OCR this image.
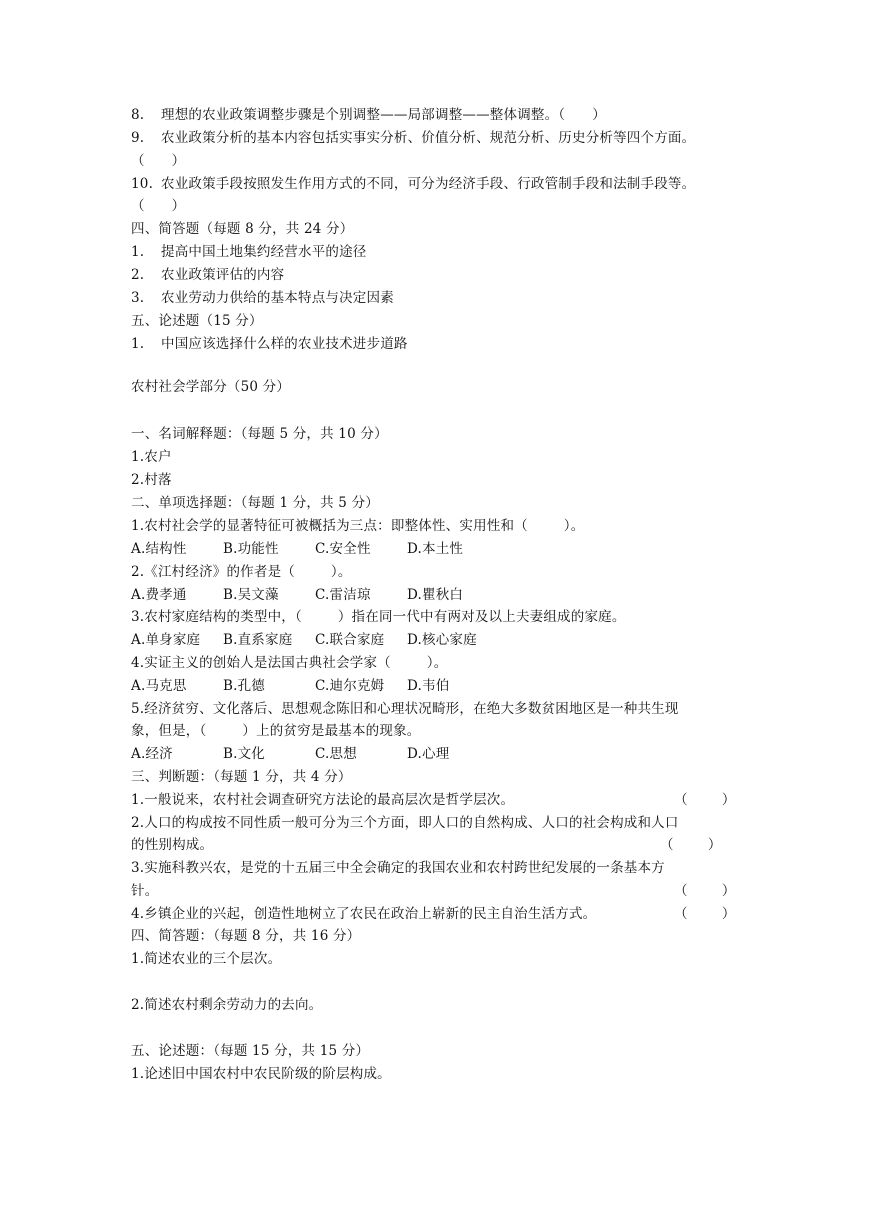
8. 理想的农业政策调整步骤是个别调整——局部调整——整体调整。（      ）

9. 农业政策分析的基本内容包括实事实分析、价值分析、规范分析、历史分析等四个方面。

（      ）

10. 农业政策手段按照发生作用方式的不同，可分为经济手段、行政管制手段和法制手段等。

（      ）

四、简答题（每题 8 分，共 24 分）

1. 提高中国土地集约经营水平的途径

2. 农业政策评估的内容

3. 农业劳动力供给的基本特点与决定因素

五、论述题（15 分）

1. 中国应该选择什么样的农业技术进步道路

农村社会学部分（50 分）

一、名词解释题：（每题 5 分，共 10 分）

1.农户

2.村落

二、单项选择题：（每题 1 分，共 5 分）

1.农村社会学的显著特征可被概括为三点：即整体性、实用性和（        ）。

A.结构性	B.功能性	C.安全性	D.本土性

2.《江村经济》的作者是（        ）。

A.费孝通	B.吴文藻	C.雷洁琼	D.瞿秋白

3.农村家庭结构的类型中，（        ）指在同一代中有两对及以上夫妻组成的家庭。

A.单身家庭 B.直系家庭 C.联合家庭 D.核心家庭

4.实证主义的创始人是法国古典社会学家（        ）。

A.马克思	B.孔德	C.迪尔克姆 D.韦伯

5.经济贫穷、文化落后、思想观念陈旧和心理状况畸形，在绝大多数贫困地区是一种共生现

象，但是，（        ）上的贫穷是最基本的现象。

A.经济	B.文化	C.思想	D.心理

三、判断题：（每题 1 分，共 4 分）

1.一般说来，农村社会调查研究方法论的最高层次是哲学层次。	（        ）

2.人口的构成按不同性质一般可分为三个方面，即人口的自然构成、人口的社会构成和人口

的性别构成。	（        ）

3.实施科教兴农，是党的十五届三中全会确定的我国农业和农村跨世纪发展的一条基本方

针。	（        ）

4.乡镇企业的兴起，创造性地树立了农民在政治上崭新的民主自治生活方式。	（        ）

四、简答题：（每题 8 分，共 16 分）

1.简述农业的三个层次。

2.简述农村剩余劳动力的去向。

五、论述题：（每题 15 分，共 15 分）

1.论述旧中国农村中农民阶级的阶层构成。
